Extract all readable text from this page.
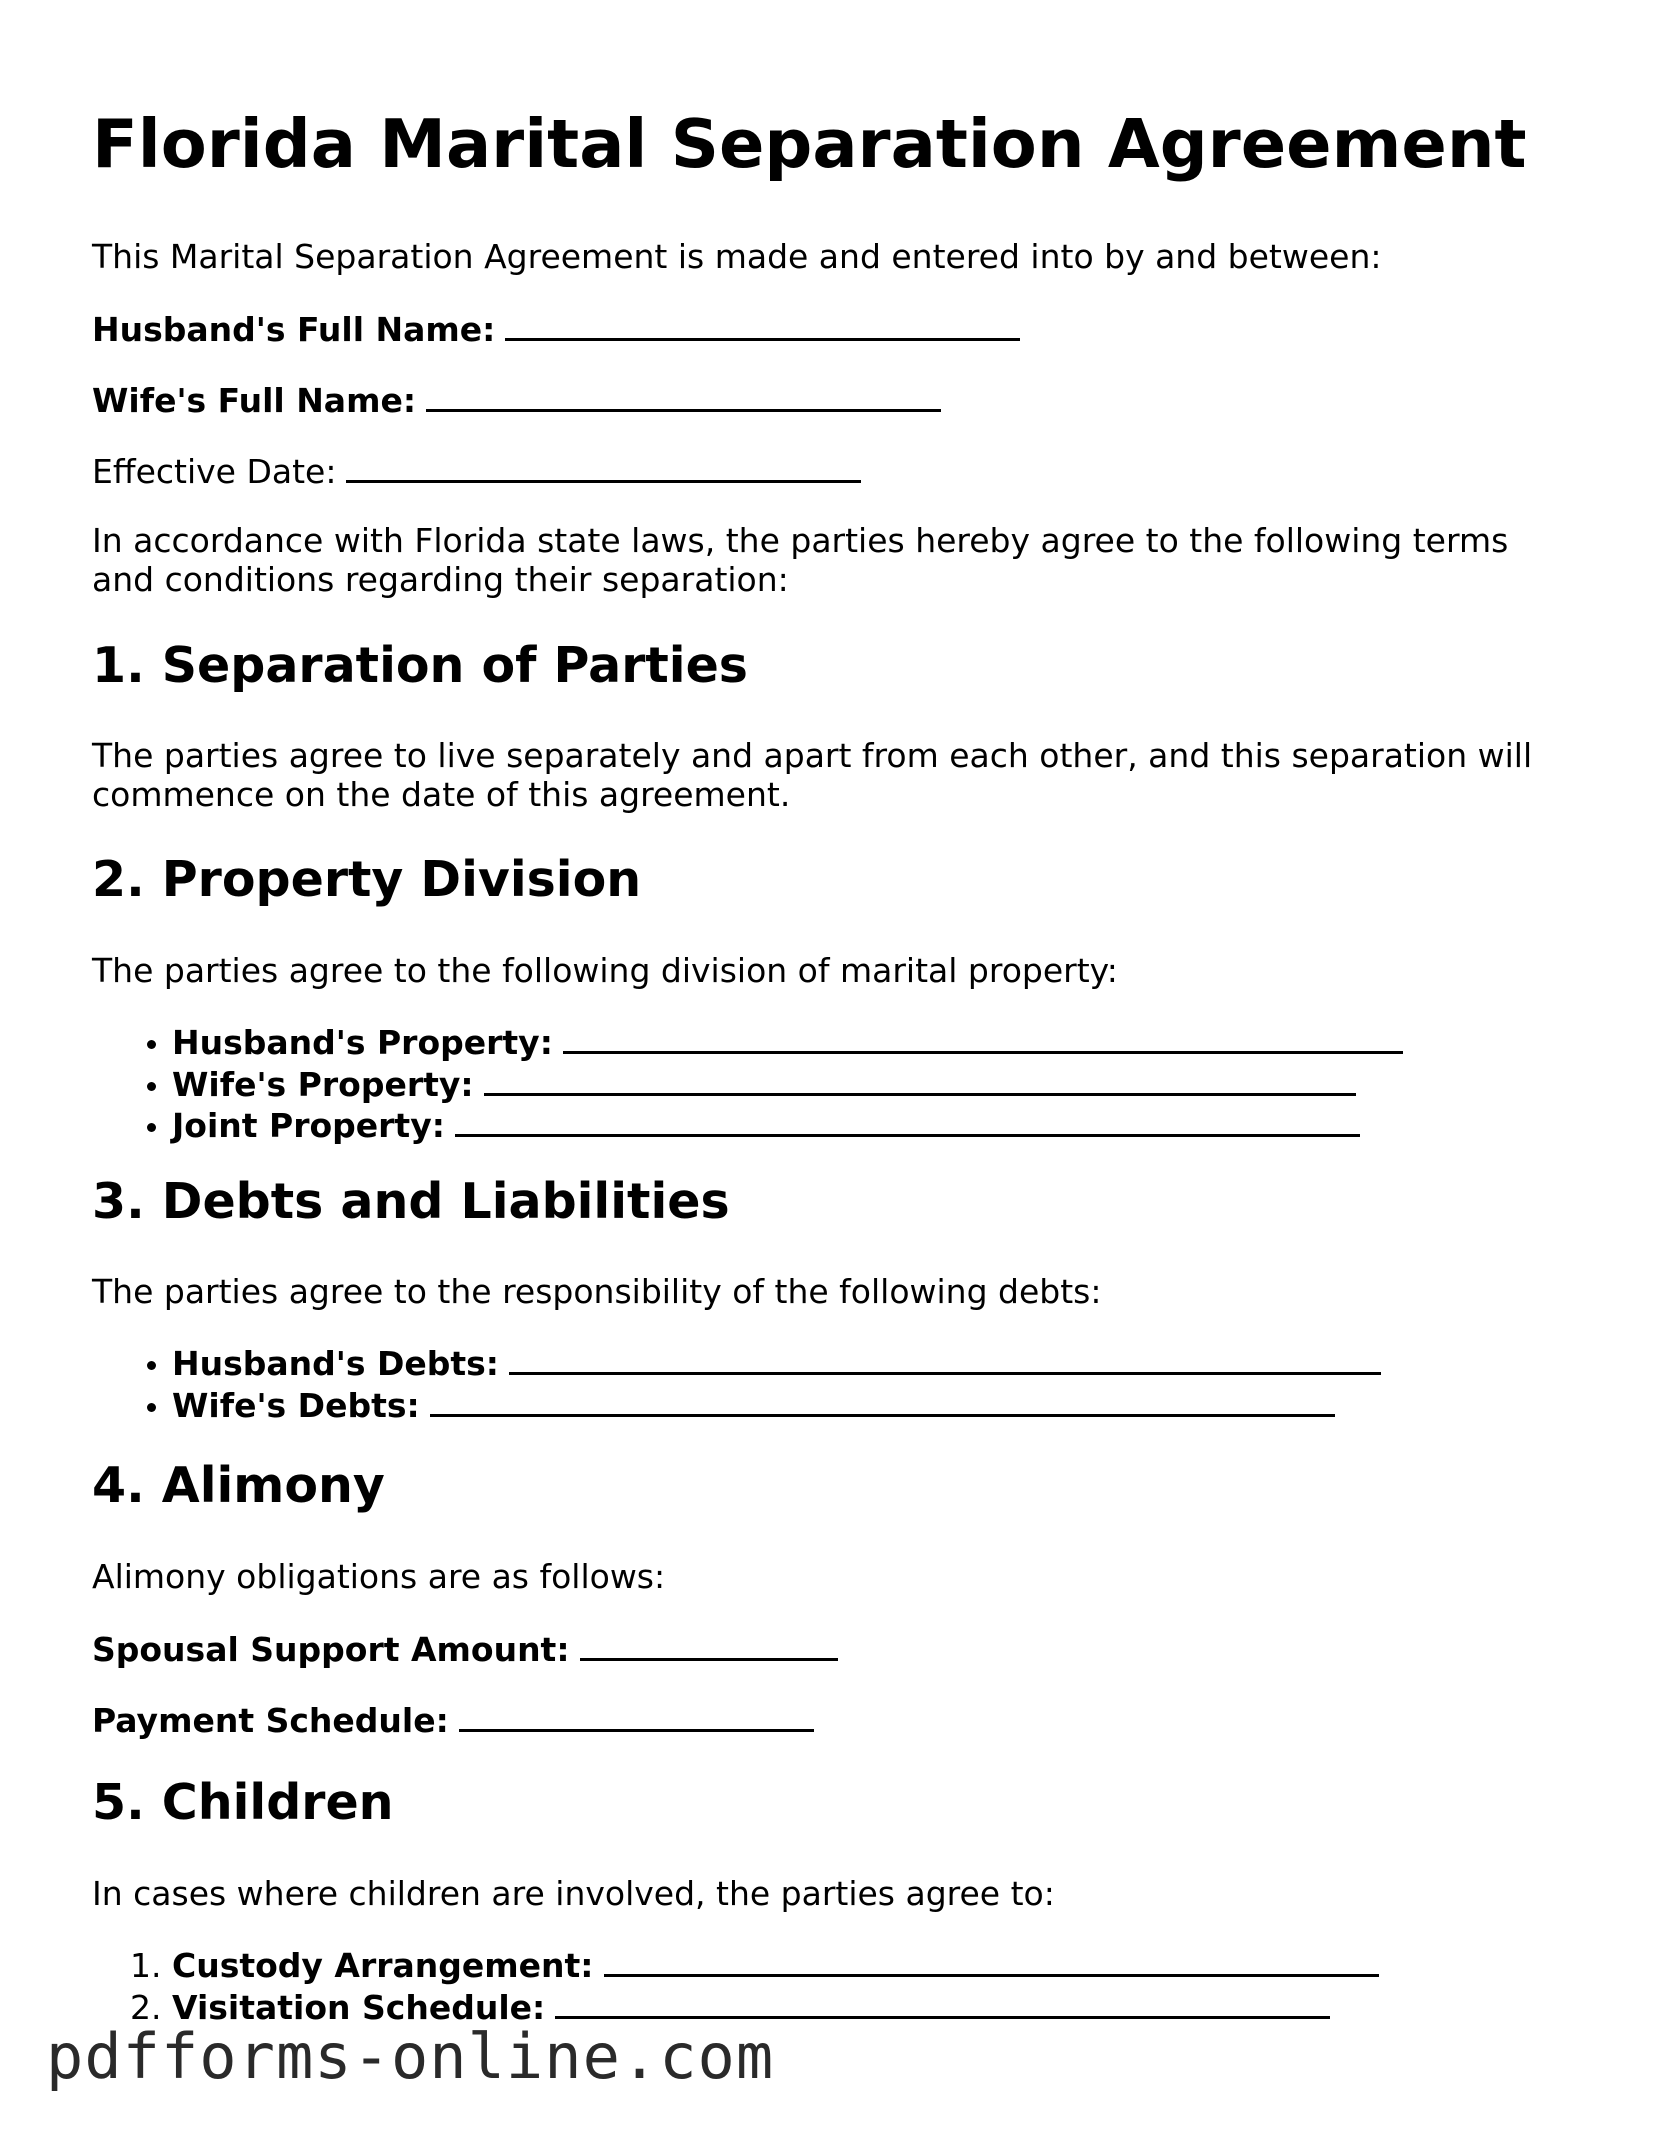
Florida Marital Separation Agreement

This Marital Separation Agreement is made and entered into by and between:

Husband's Full Name:

Wife's Full Name:

Effective Date:

In accordance with Florida state laws, the parties hereby agree to the following terms and conditions regarding their separation:

1. Separation of Parties

The parties agree to live separately and apart from each other, and this separation will commence on the date of this agreement.

2. Property Division

The parties agree to the following division of marital property:

• Husband's Property:
• Wife's Property:
• Joint Property:
3. Debts and Liabilities

The parties agree to the responsibility of the following debts:

• Husband's Debts:
• Wife's Debts:
4. Alimony

Alimony obligations are as follows:

Spousal Support Amount:

Payment Schedule:

5. Children

In cases where children are involved, the parties agree to:

1. Custody Arrangement:
2. Visitation Schedule:
pdfforms-online.com
